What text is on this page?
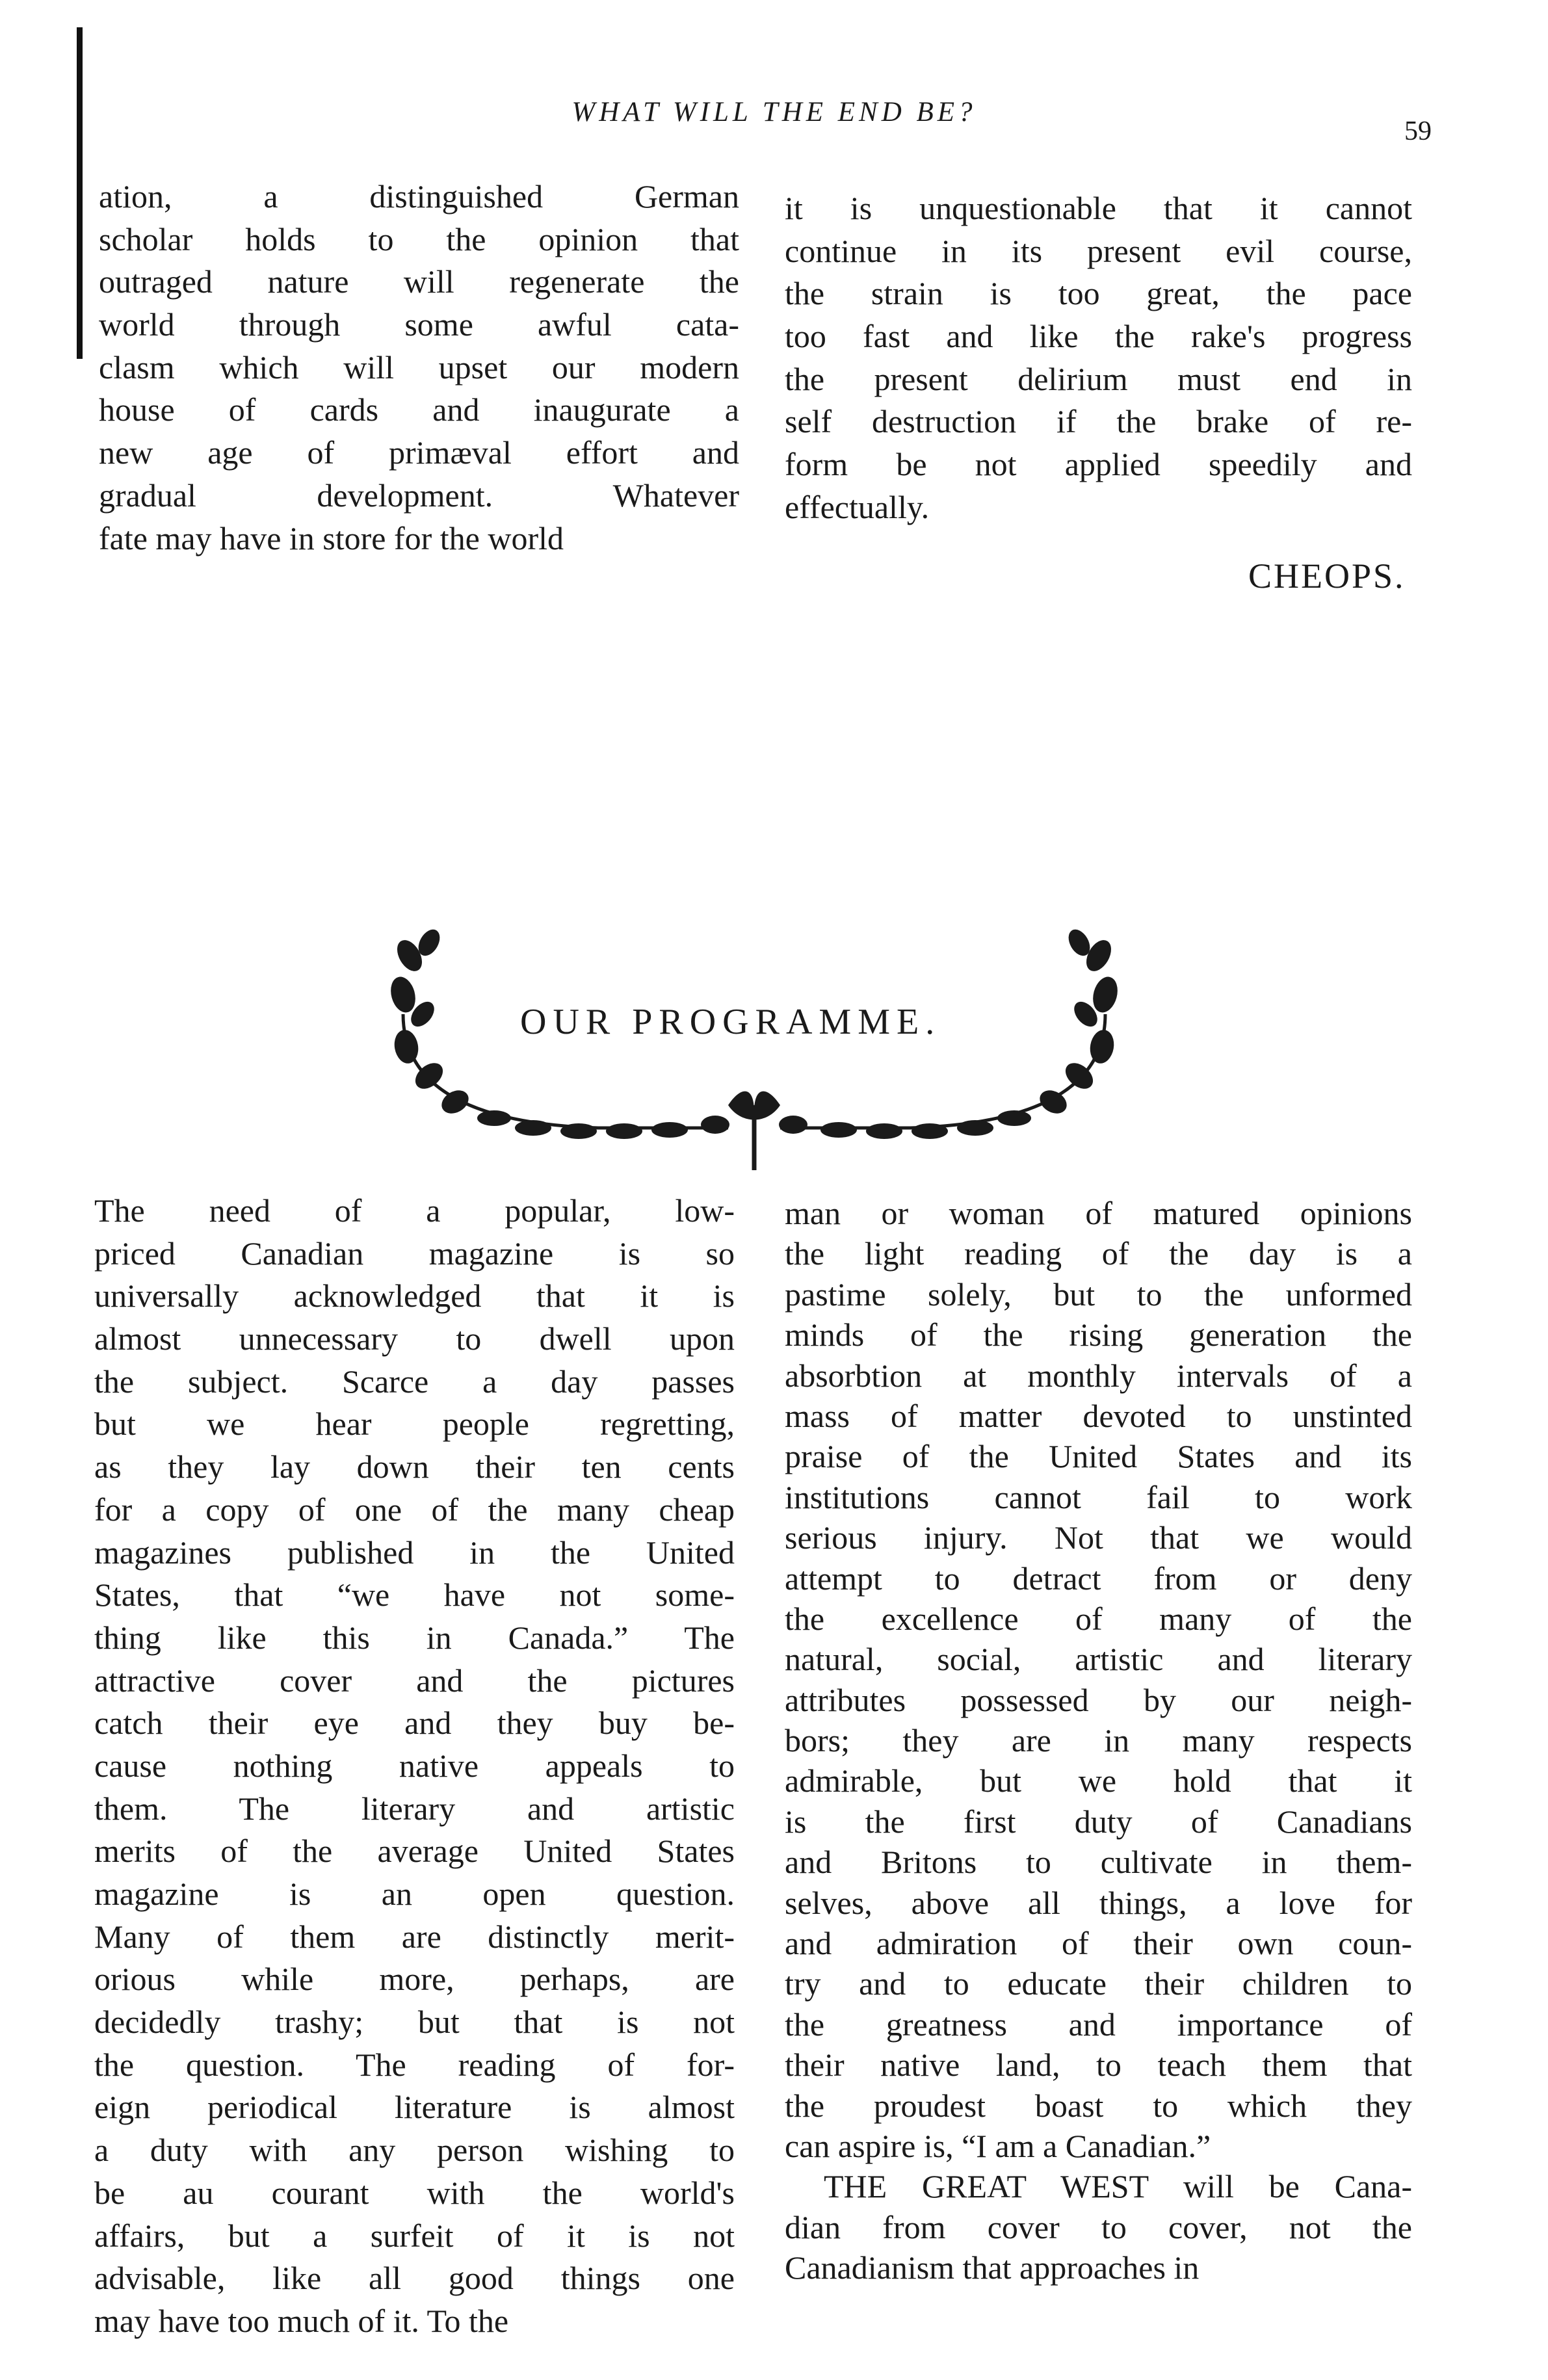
WHAT WILL THE END BE?
59
ation, a distinguished German
scholar holds to the opinion that
outraged nature will regenerate the
world through some awful cata-
clasm which will upset our modern
house of cards and inaugurate a
new age of primæval effort and
gradual development. Whatever
fate may have in store for the world
it is unquestionable that it cannot
continue in its present evil course,
the strain is too great, the pace
too fast and like the rake's progress
the present delirium must end in
self destruction if the brake of re-
form be not applied speedily and
effectually.
CHEOPS.
OUR PROGRAMME.
The need of a popular, low-
priced Canadian magazine is so
universally acknowledged that it is
almost unnecessary to dwell upon
the subject. Scarce a day passes
but we hear people regretting,
as they lay down their ten cents
for a copy of one of the many cheap
magazines published in the United
States, that “we have not some-
thing like this in Canada.” The
attractive cover and the pictures
catch their eye and they buy be-
cause nothing native appeals to
them. The literary and artistic
merits of the average United States
magazine is an open question.
Many of them are distinctly merit-
orious while more, perhaps, are
decidedly trashy; but that is not
the question. The reading of for-
eign periodical literature is almost
a duty with any person wishing to
be au courant with the world's
affairs, but a surfeit of it is not
advisable, like all good things one
may have too much of it. To the
man or woman of matured opinions
the light reading of the day is a
pastime solely, but to the unformed
minds of the rising generation the
absorbtion at monthly intervals of a
mass of matter devoted to unstinted
praise of the United States and its
institutions cannot fail to work
serious injury. Not that we would
attempt to detract from or deny
the excellence of many of the
natural, social, artistic and literary
attributes possessed by our neigh-
bors; they are in many respects
admirable, but we hold that it
is the first duty of Canadians
and Britons to cultivate in them-
selves, above all things, a love for
and admiration of their own coun-
try and to educate their children to
the greatness and importance of
their native land, to teach them that
the proudest boast to which they
can aspire is, “I am a Canadian.”
THE GREAT WEST will be Cana-
dian from cover to cover, not the
Canadianism that approaches in
